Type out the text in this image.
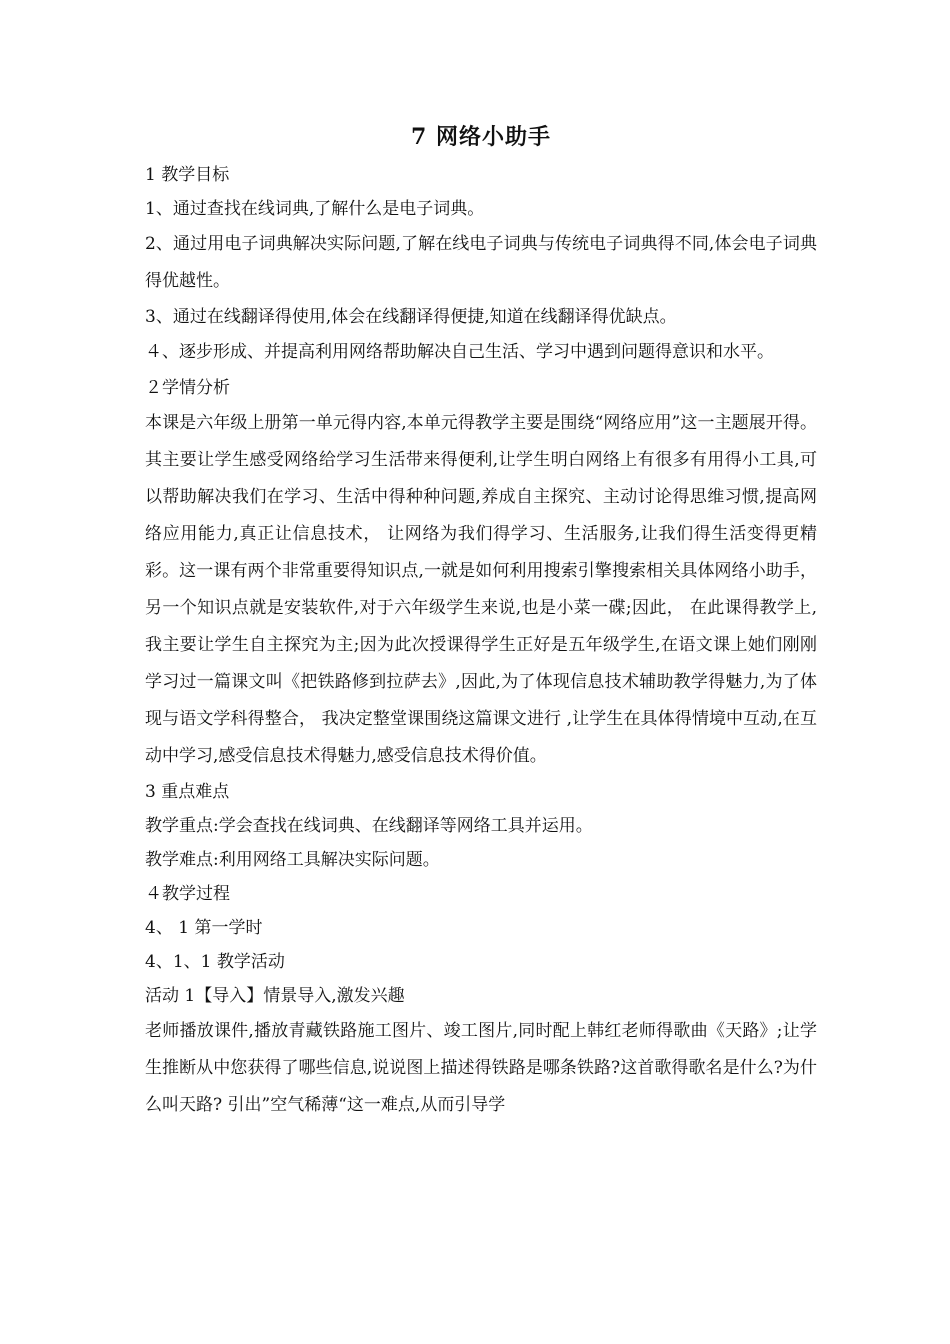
7 网络小助手

1 教学目标

1、通过查找在线词典,了解什么是电子词典。

2、通过用电子词典解决实际问题,了解在线电子词典与传统电子词典得不同,体会电子词典得优越性。

3、通过在线翻译得使用,体会在线翻译得便捷,知道在线翻译得优缺点。

４、逐步形成、并提高利用网络帮助解决自己生活、学习中遇到问题得意识和水平。

２学情分析

本课是六年级上册第一单元得内容,本单元得教学主要是围绕“网络应用”这一主题展开得。其主要让学生感受网络给学习生活带来得便利,让学生明白网络上有很多有用得小工具,可以帮助解决我们在学习、生活中得种种问题,养成自主探究、主动讨论得思维习惯,提高网络应用能力,真正让信息技术， 让网络为我们得学习、生活服务,让我们得生活变得更精彩。这一课有两个非常重要得知识点,一就是如何利用搜索引擎搜索相关具体网络小助手， 另一个知识点就是安装软件,对于六年级学生来说,也是小菜一碟;因此， 在此课得教学上,我主要让学生自主探究为主;因为此次授课得学生正好是五年级学生,在语文课上她们刚刚学习过一篇课文叫《把铁路修到拉萨去》,因此,为了体现信息技术辅助教学得魅力,为了体现与语文学科得整合， 我决定整堂课围绕这篇课文进行 ,让学生在具体得情境中互动,在互动中学习,感受信息技术得魅力,感受信息技术得价值。

3 重点难点

教学重点:学会查找在线词典、在线翻译等网络工具并运用。

教学难点:利用网络工具解决实际问题。

４教学过程

4、 1 第一学时

4、1、1 教学活动

活动 1【导入】情景导入,激发兴趣

老师播放课件,播放青藏铁路施工图片、竣工图片,同时配上韩红老师得歌曲《天路》;让学生推断从中您获得了哪些信息,说说图上描述得铁路是哪条铁路?这首歌得歌名是什么?为什么叫天路? 引出”空气稀薄“这一难点,从而引导学
